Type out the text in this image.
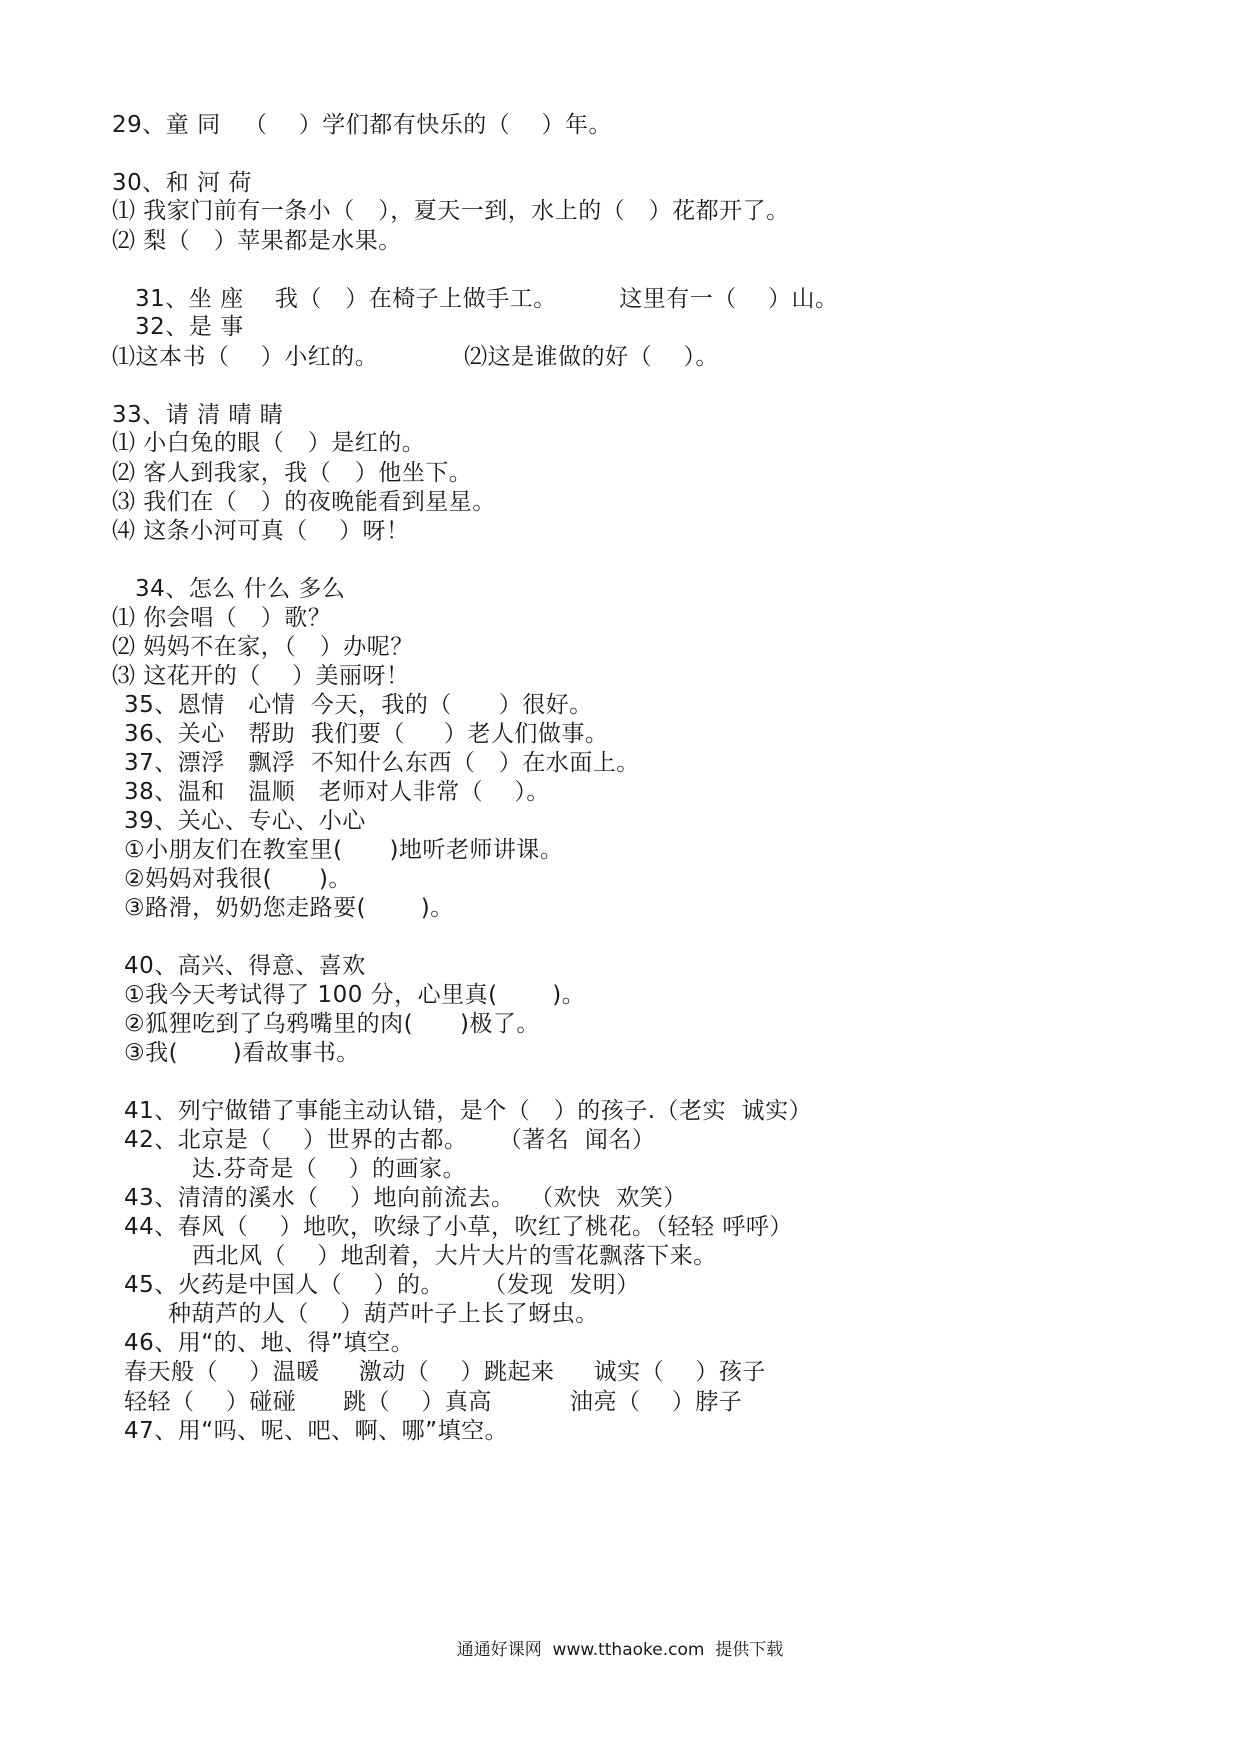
29、童 同   （    ）学们都有快乐的（    ）年。
30、和 河 荷
⑴ 我家门前有一条小（   ），夏天一到，水上的（   ）花都开了。
⑵ 梨（   ）苹果都是水果。
31、坐 座    我（   ）在椅子上做手工。        这里有一（    ）山。
32、是 事
⑴这本书（    ）小红的。           ⑵这是谁做的好（    ）。
33、请 清 晴 睛
⑴ 小白兔的眼（   ）是红的。
⑵ 客人到我家，我（   ）他坐下。
⑶ 我们在（   ）的夜晚能看到星星。
⑷ 这条小河可真（    ）呀！
34、怎么 什么 多么
⑴ 你会唱（   ）歌？
⑵ 妈妈不在家，（   ）办呢？
⑶ 这花开的（    ）美丽呀！
35、恩情   心情  今天，我的（      ）很好。
36、关心   帮助  我们要（     ）老人们做事。
37、漂浮   飘浮  不知什么东西（   ）在水面上。
38、温和   温顺   老师对人非常（    ）。
39、关心、专心、小心
①小朋友们在教室里(      )地听老师讲课。
②妈妈对我很(      )。
③路滑，奶奶您走路要(       )。
40、高兴、得意、喜欢
①我今天考试得了 100 分，心里真(       )。
②狐狸吃到了乌鸦嘴里的肉(      )极了。
③我(       )看故事书。
41、列宁做错了事能主动认错，是个（   ）的孩子.（老实  诚实）
42、北京是（    ）世界的古都。    （著名  闻名）
达.芬奇是（    ）的画家。
43、清清的溪水（    ）地向前流去。  （欢快  欢笑）
44、春风（    ）地吹，吹绿了小草，吹红了桃花。（轻轻 呼呼）
西北风（    ）地刮着，大片大片的雪花飘落下来。
45、火药是中国人（    ）的。     （发现  发明）
种葫芦的人（    ）葫芦叶子上长了蚜虫。
46、用“的、地、得”填空。
春天般（    ）温暖     激动（    ）跳起来     诚实（    ）孩子
轻轻（    ）碰碰      跳（    ）真高          油亮（    ）脖子
47、用“吗、呢、吧、啊、哪”填空。
通通好课网  www.tthaoke.com  提供下载
